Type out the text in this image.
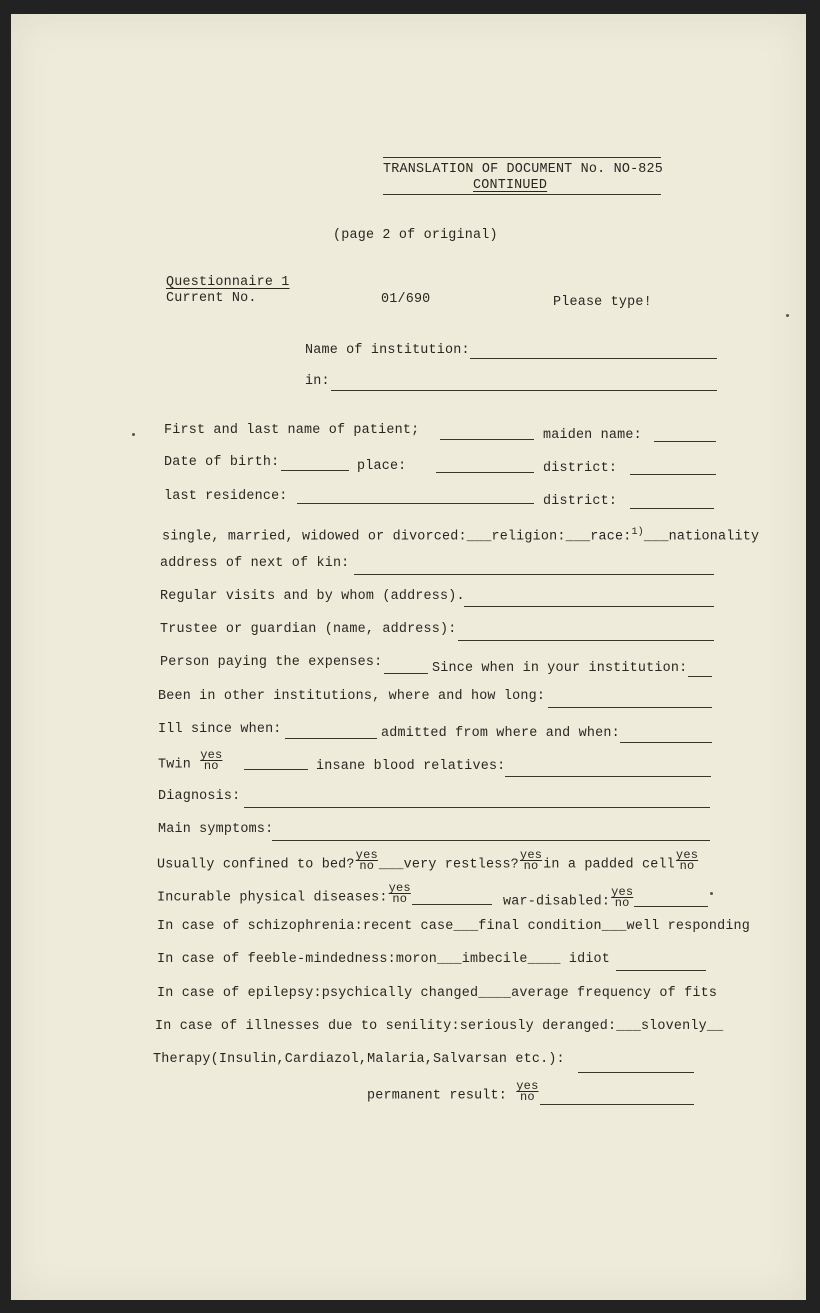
TRANSLATION OF DOCUMENT No. NO-825
CONTINUED
(page 2 of original)
Questionnaire 1
Current No.	01/690	Please type!
Name of institution:
in:
First and last name of patient;	maiden name:
Date of birth:	place:	district:
last residence:	district:
single, married, widowed or divorced:___religion:___race:$^{1)}$___nationality
address of next of kin:
Regular visits and by whom (address).
Trustee or guardian (name, address):
Person paying the expenses:	Since when in your institution:
Been in other institutions, where and how long:
Ill since when:	admitted from where and when:
Twin $\frac{\text{yes}}{no}$	insane blood relatives:
Diagnosis:
Main symptoms:
Usually confined to bed? $\frac{\text{yes}}{no}$ ___very restless? $\frac{\text{yes}}{no}$ in a padded cell $\frac{\text{yes}}{no}$
Incurable physical diseases: $\frac{\text{yes}}{no}$	war-disabled: $\frac{\text{yes}}{no}$
In case of schizophrenia:recent case___final condition___well responding
In case of feeble-mindedness:moron___imbecile____ idiot
In case of epilepsy:psychically changed____average frequency of fits
In case of illnesses due to senility:seriously deranged:___slovenly__
Therapy(Insulin,Cardiazol,Malaria,Salvarsan etc.):
permanent result: $\frac{\text{yes}}{no}$
